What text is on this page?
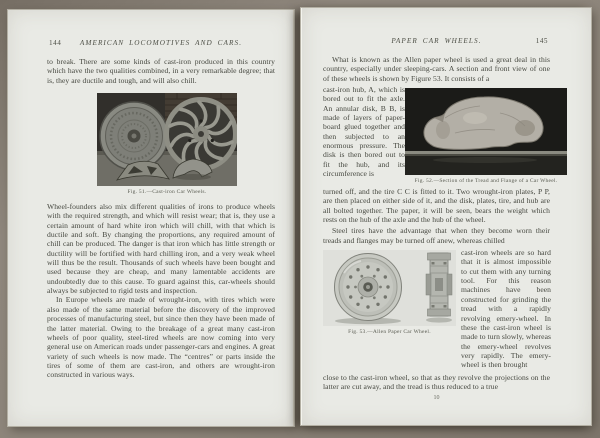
144	AMERICAN LOCOMOTIVES AND CARS.

to break. There are some kinds of cast-iron produced in this country which have the two qualities combined, in a very remarkable degree; that is, they are ductile and tough, and will also chill.

Fig. 51.—Cast-iron Car Wheels.

Wheel-founders also mix different qualities of irons to produce wheels with the required strength, and which will resist wear; that is, they use a certain amount of hard white iron which will chill, with that which is ductile and soft. By changing the proportions, any required amount of chill can be produced. The danger is that iron which has little strength or ductility will be fortified with hard chilling iron, and a very weak wheel will thus be the result. Thousands of such wheels have been bought and used because they are cheap, and many lamentable accidents are undoubtedly due to this cause. To guard against this, car-wheels should always be subjected to rigid tests and inspection.

In Europe wheels are made of wrought-iron, with tires which were also made of the same material before the discovery of the improved processes of manufacturing steel, but since then they have been made of the latter material. Owing to the breakage of a great many cast-iron wheels of poor quality, steel-tired wheels are now coming into very general use on American roads under passenger-cars and engines. A great variety of such wheels is now made. The “centres” or parts inside the tires of some of them are cast-iron, and others are wrought-iron constructed in various ways.

PAPER CAR WHEELS.	145

What is known as the Allen paper wheel is used a great deal in this country, especially under sleeping-cars. A section and front view of one of these wheels is shown by Figure 53. It consists of a

cast-iron hub, A, which is bored out to fit the axle. An annular disk, B B, is made of layers of paper-board glued together and then subjected to an enormous pressure. The disk is then bored out to fit the hub, and its circumference is
Fig. 52.—Section of the Tread and Flange of a Car Wheel.

turned off, and the tire C C is fitted to it. Two wrought-iron plates, P P, are then placed on either side of it, and the disk, plates, tire, and hub are all bolted together. The paper, it will be seen, bears the weight which rests on the hub of the axle and the hub of the wheel.

Steel tires have the advantage that when they become worn their treads and flanges may be turned off anew, whereas chilled

Fig. 53.—Allen Paper Car Wheel.
cast-iron wheels are so hard that it is almost impossible to cut them with any turning tool. For this reason machines have been constructed for grinding the tread with a rapidly revolving emery-wheel. In these the cast-iron wheel is made to turn slowly, whereas the emery-wheel revolves very rapidly. The emery-wheel is then brought

close to the cast-iron wheel, so that as they revolve the projections on the latter are cut away, and the tread is thus reduced to a true

10
